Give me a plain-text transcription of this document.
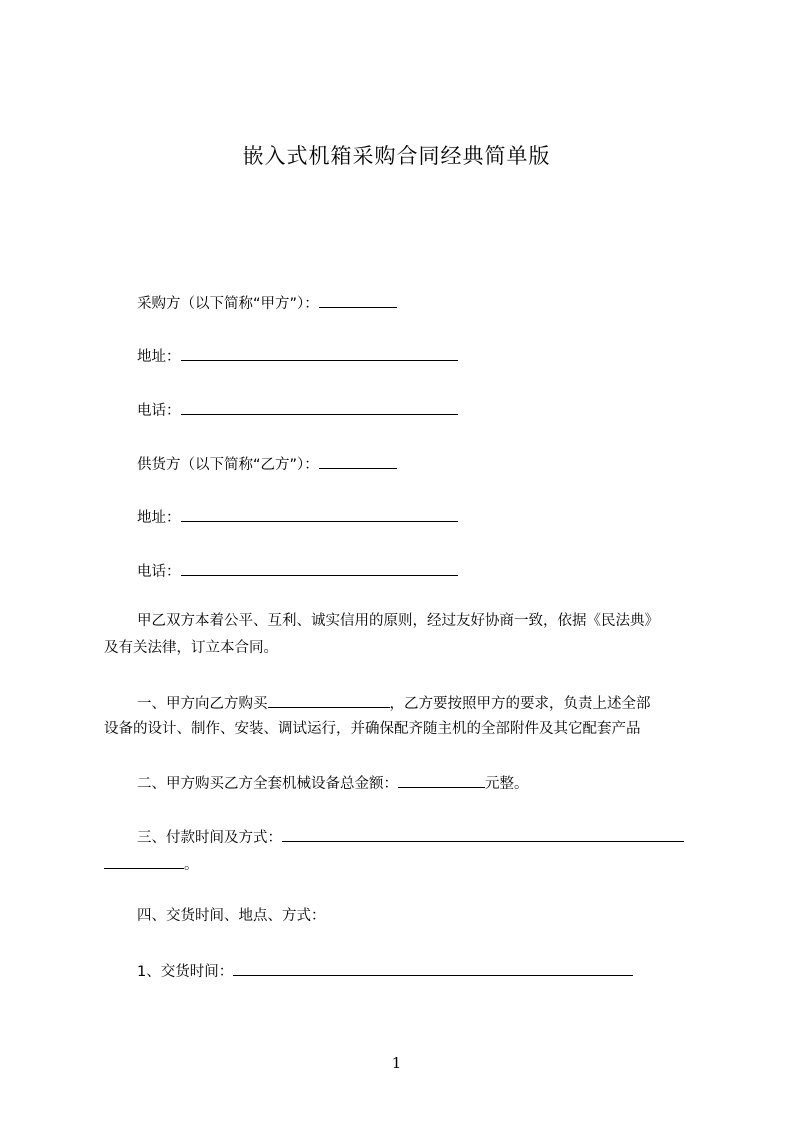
嵌入式机箱采购合同经典简单版
采购方（以下简称“甲方”）：
地址：
电话：
供货方（以下简称“乙方”）：
地址：
电话：
甲乙双方本着公平、互利、诚实信用的原则，经过友好协商一致，依据《民法典》
及有关法律，订立本合同。
一、甲方向乙方购买	，乙方要按照甲方的要求，负责上述全部
设备的设计、制作、安装、调试运行，并确保配齐随主机的全部附件及其它配套产品
二、甲方购买乙方全套机械设备总金额：	元整。
三、付款时间及方式：
。
四、交货时间、地点、方式：
1、交货时间：
1
